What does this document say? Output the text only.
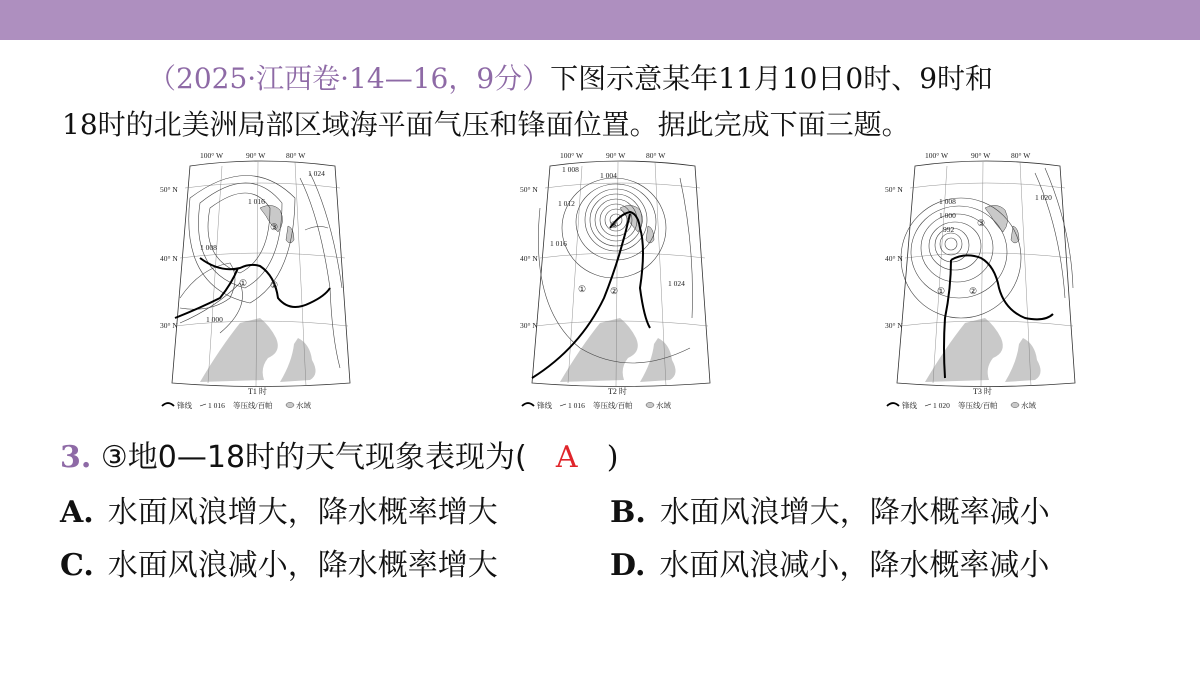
（2025·江西卷·14—16，9分）下图示意某年11月10日0时、9时和
18时的北美洲局部区域海平面气压和锋面位置。据此完成下面三题。
100° W	90° W	80° W
50° N
40° N
30° N
1 024
1 016
1 008
1 000
①	②
③
T1 时
锋线 1 016 等压线/百帕	水域
100° W	90° W	80° W
50° N
40° N
30° N
1 008
1 004
1 012
1 016
1 024
①	②
③
T2 时
锋线 1 016 等压线/百帕	水域
100° W	90° W	80° W
50° N
40° N
30° N
1 008
1 000
992
1 020
①	②
③
T3 时
锋线 1 020 等压线/百帕	水域
3. ③地0—18时的天气现象表现为( A )
A. 水面风浪增大，降水概率增大	B. 水面风浪增大，降水概率减小
C. 水面风浪减小，降水概率增大	D. 水面风浪减小，降水概率减小
